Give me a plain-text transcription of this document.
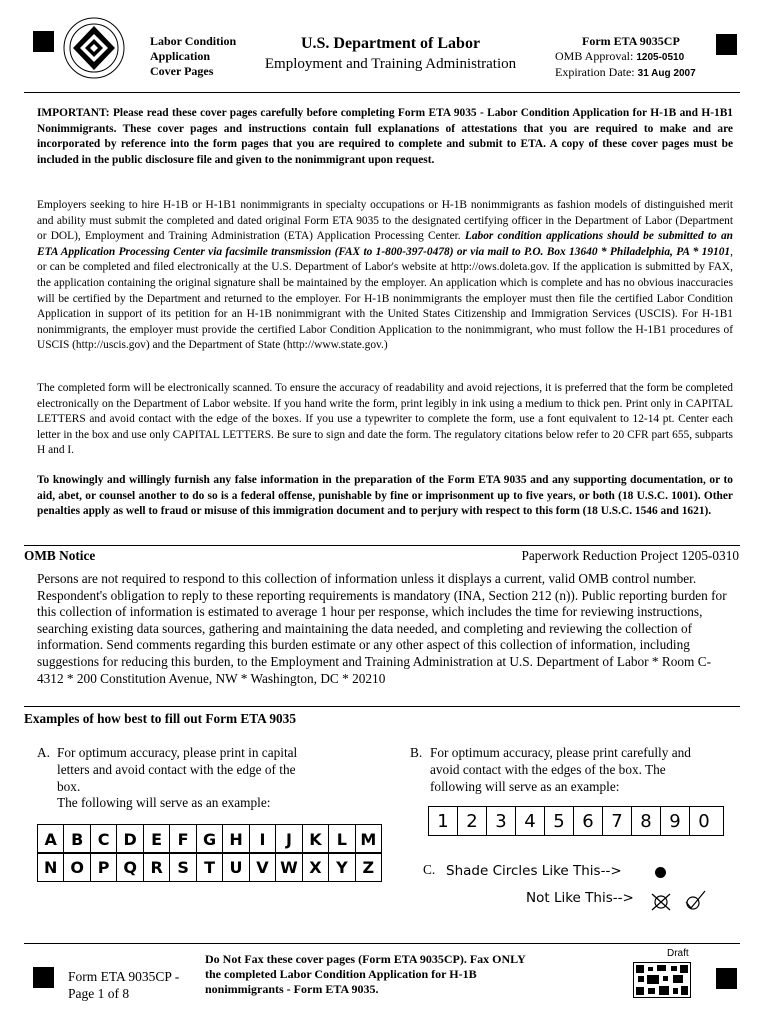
Labor Condition
Application
Cover Pages
U.S. Department of Labor
Employment and Training Administration
Form ETA 9035CP
OMB Approval: 1205-0510
Expiration Date: 31 Aug 2007
IMPORTANT: Please read these cover pages carefully before completing Form ETA 9035 - Labor Condition Application for H-1B and H-1B1 Nonimmigrants. These cover pages and instructions contain full explanations of attestations that you are required to make and are incorporated by reference into the form pages that you are required to complete and submit to ETA. A copy of these cover pages must be included in the public disclosure file and given to the nonimmigrant upon request.
Employers seeking to hire H-1B or H-1B1 nonimmigrants in specialty occupations or H-1B nonimmigrants as fashion models of distinguished merit and ability must submit the completed and dated original Form ETA 9035 to the designated certifying officer in the Department of Labor (Department or DOL), Employment and Training Administration (ETA) Application Processing Center. Labor condition applications should be submitted to an ETA Application Processing Center via facsimile transmission (FAX to 1-800-397-0478) or via mail to P.O. Box 13640 * Philadelphia, PA * 19101, or can be completed and filed electronically at the U.S. Department of Labor's website at http://ows.doleta.gov. If the application is submitted by FAX, the application containing the original signature shall be maintained by the employer. An application which is complete and has no obvious inaccuracies will be certified by the Department and returned to the employer. For H-1B nonimmigrants the employer must then file the certified Labor Condition Application in support of its petition for an H-1B nonimmigrant with the United States Citizenship and Immigration Services (USCIS). For H-1B1 nonimmigrants, the employer must provide the certified Labor Condition Application to the nonimmigrant, who must follow the H-1B1 procedures of USCIS (http://uscis.gov) and the Department of State (http://www.state.gov.)
The completed form will be electronically scanned. To ensure the accuracy of readability and avoid rejections, it is preferred that the form be completed electronically on the Department of Labor website. If you hand write the form, print legibly in ink using a medium to thick pen. Print only in CAPITAL LETTERS and avoid contact with the edge of the boxes. If you use a typewriter to complete the form, use a font equivalent to 12-14 pt. Center each letter in the box and use only CAPITAL LETTERS. Be sure to sign and date the form. The regulatory citations below refer to 20 CFR part 655, subparts H and I.
To knowingly and willingly furnish any false information in the preparation of the Form ETA 9035 and any supporting documentation, or to aid, abet, or counsel another to do so is a federal offense, punishable by fine or imprisonment up to five years, or both (18 U.S.C. 1001). Other penalties apply as well to fraud or misuse of this immigration document and to perjury with respect to this form (18 U.S.C. 1546 and 1621).
OMB Notice	Paperwork Reduction Project 1205-0310
Persons are not required to respond to this collection of information unless it displays a current, valid OMB control number. Respondent's obligation to reply to these reporting requirements is mandatory (INA, Section 212 (n)). Public reporting burden for this collection of information is estimated to average 1 hour per response, which includes the time for reviewing instructions, searching existing data sources, gathering and maintaining the data needed, and completing and reviewing the collection of information. Send comments regarding this burden estimate or any other aspect of this collection of information, including suggestions for reducing this burden, to the Employment and Training Administration at U.S. Department of Labor * Room C-4312 * 200 Constitution Avenue, NW * Washington, DC * 20210
Examples of how best to fill out Form ETA 9035
A. For optimum accuracy, please print in capital letters and avoid contact with the edge of the box.
The following will serve as an example:
A B C D E F G H	I	J	K L M
N O P Q R S T U V W X Y Z
B. For optimum accuracy, please print carefully and avoid contact with the edges of the box. The following will serve as an example:
1 2 3 4 5 6 7 8 9 0
C. Shade Circles Like This-->
Not Like This-->
Form ETA 9035CP -
Page 1 of 8
Do Not Fax these cover pages (Form ETA 9035CP). Fax ONLY the completed Labor Condition Application for H-1B nonimmigrants - Form ETA 9035.
Draft
